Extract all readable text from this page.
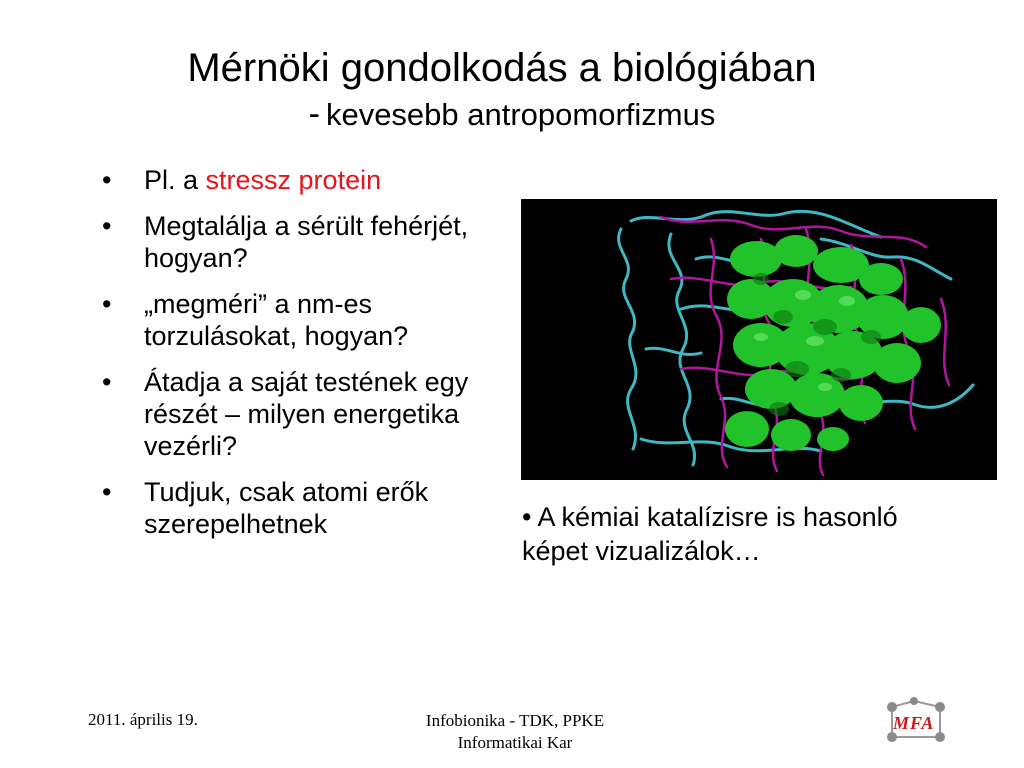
Mérnöki gondolkodás a biológiában
- kevesebb antropomorfizmus
• Pl. a stressz protein
• Megtalálja a sérült fehérjét, hogyan?
• „megméri” a nm-es torzulásokat, hogyan?
• Átadja a saját testének egy részét – milyen energetika vezérli?
• Tudjuk, csak atomi erők szerepelhetnek	• A kémiai katalízisre is hasonló képet vizualizálok…
2011. április 19.	Infobionika - TDK, PPKE
Informatikai Kar
MFA
